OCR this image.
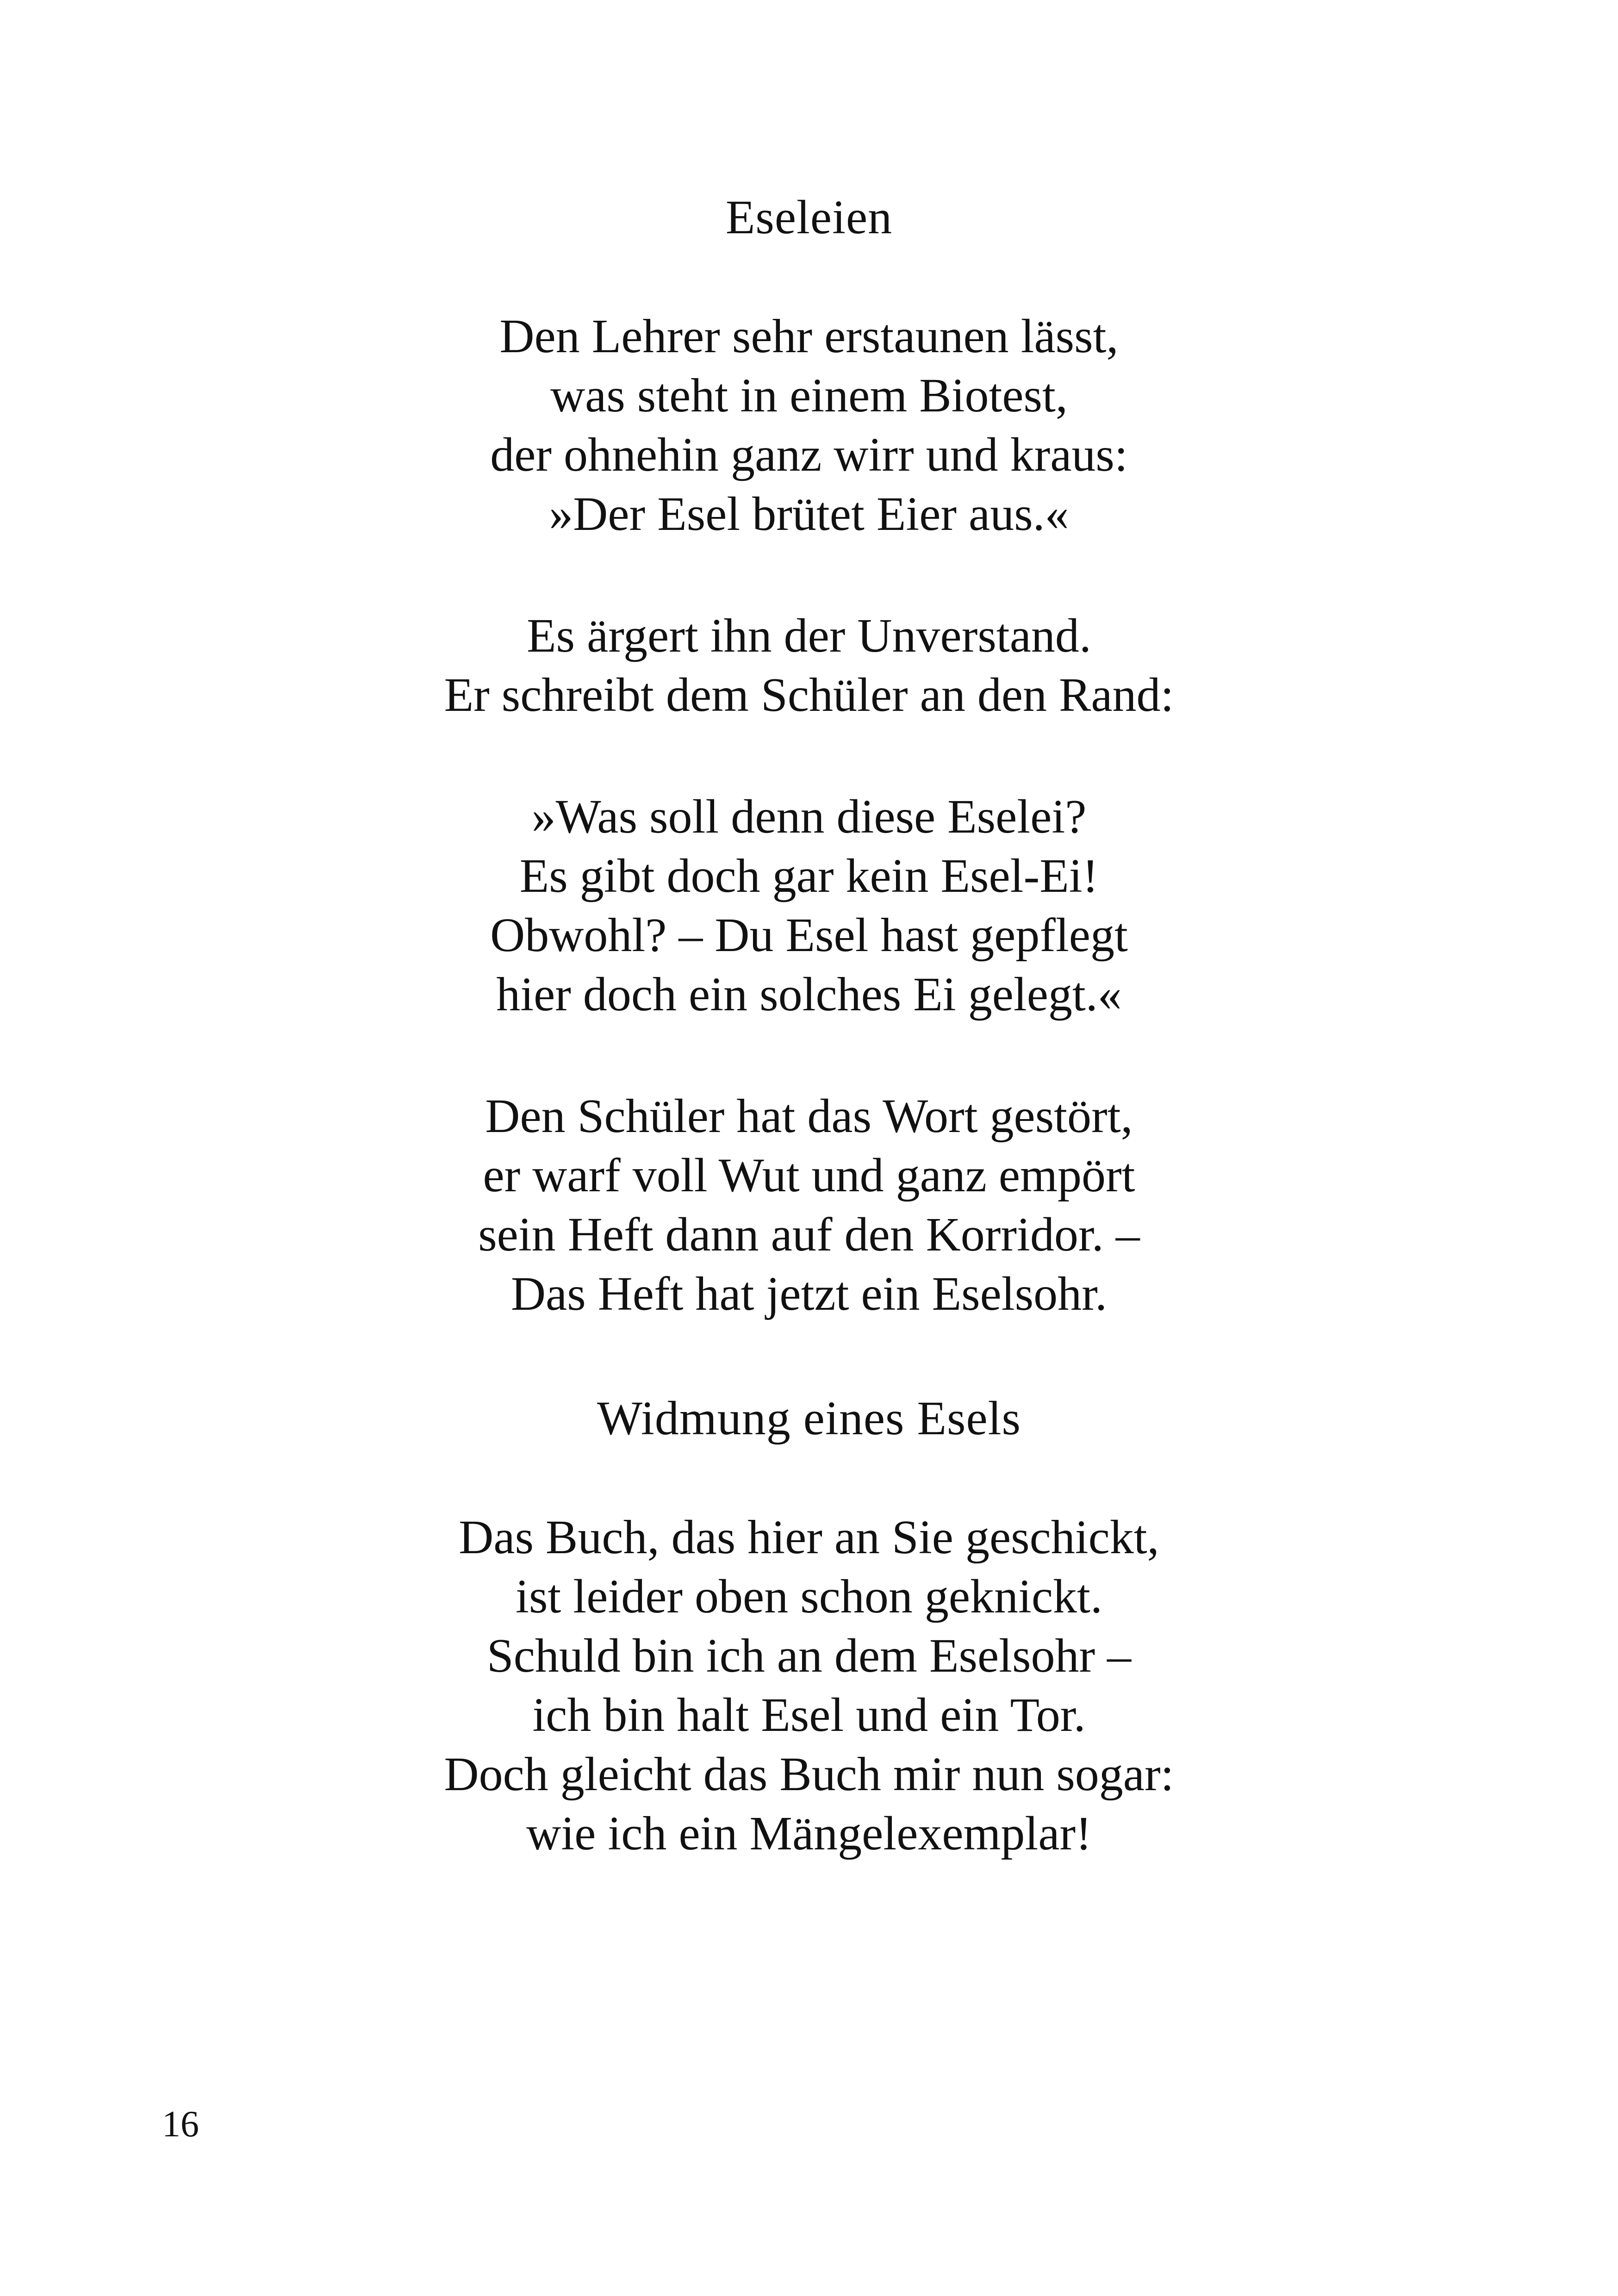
Eseleien

Den Lehrer sehr erstaunen lässt,
was steht in einem Biotest,
der ohnehin ganz wirr und kraus:
»Der Esel brütet Eier aus.«

Es ärgert ihn der Unverstand.
Er schreibt dem Schüler an den Rand:

»Was soll denn diese Eselei?
Es gibt doch gar kein Esel-Ei!
Obwohl? – Du Esel hast gepflegt
hier doch ein solches Ei gelegt.«

Den Schüler hat das Wort gestört,
er warf voll Wut und ganz empört
sein Heft dann auf den Korridor. –
Das Heft hat jetzt ein Eselsohr.

Widmung eines Esels

Das Buch, das hier an Sie geschickt,
ist leider oben schon geknickt.
Schuld bin ich an dem Eselsohr –
ich bin halt Esel und ein Tor.
Doch gleicht das Buch mir nun sogar:
wie ich ein Mängelexemplar!

16
